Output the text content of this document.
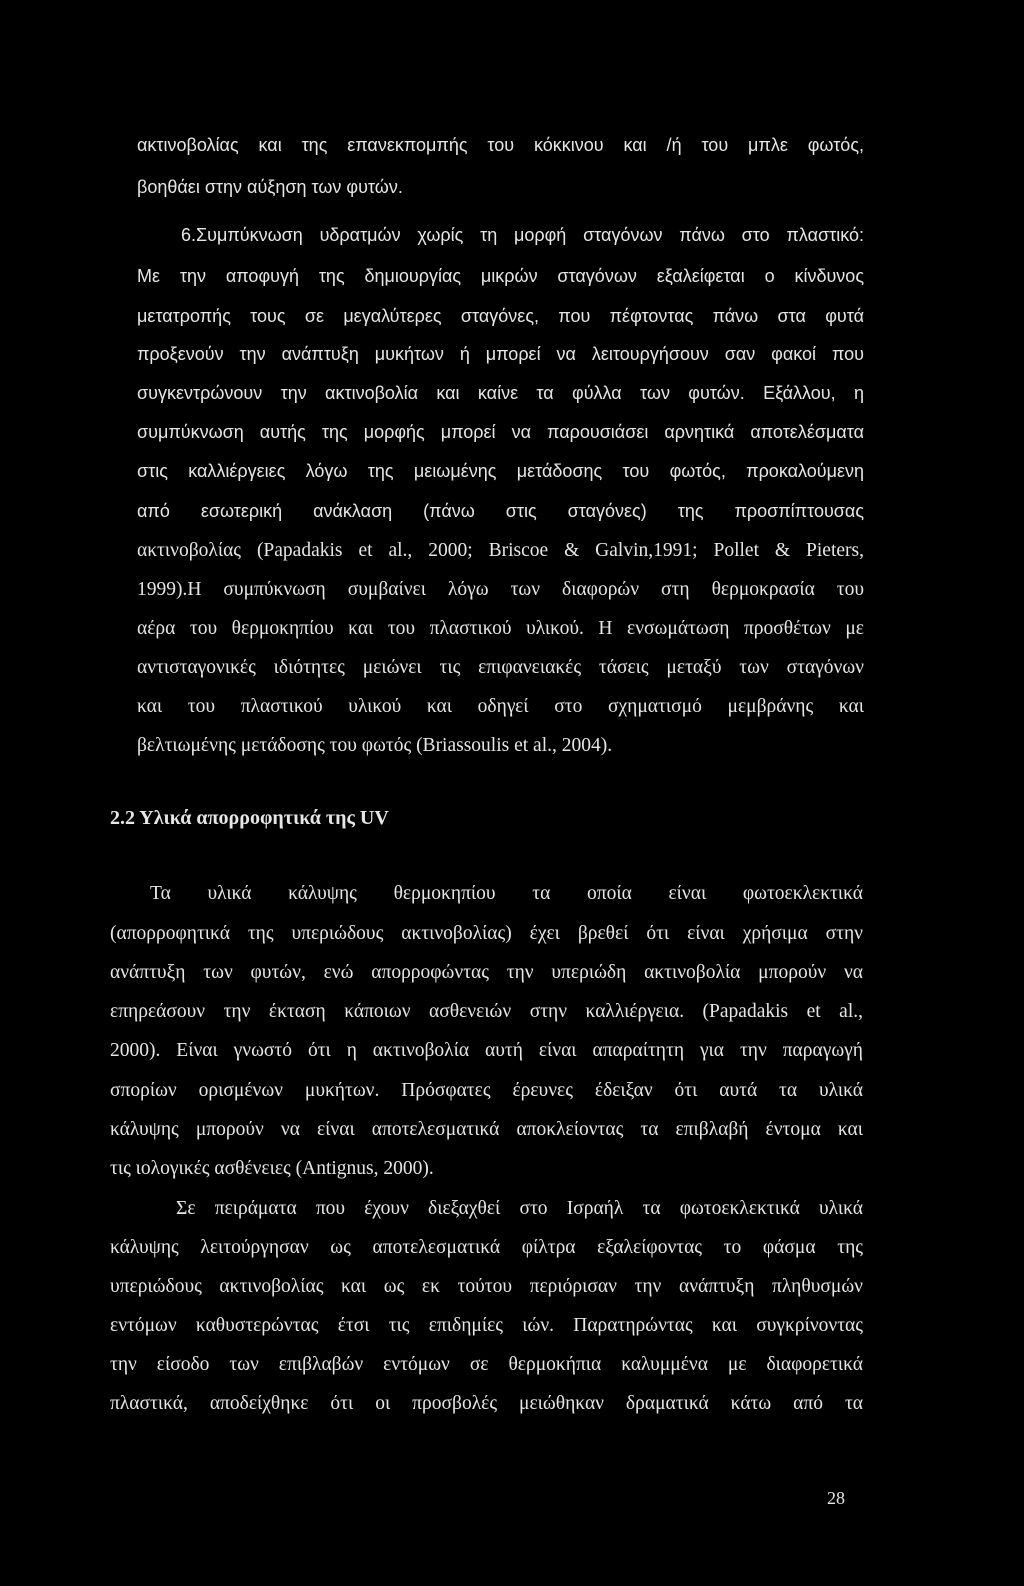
ακτινοβολίας και της επανεκπομπής του κόκκινου και /ή του μπλε φωτός,
βοηθάει στην αύξηση των φυτών.
6.Συμπύκνωση υδρατμών χωρίς τη μορφή σταγόνων πάνω στο πλαστικό:
Με την αποφυγή της δημιουργίας μικρών σταγόνων εξαλείφεται ο κίνδυνος
μετατροπής τους σε μεγαλύτερες σταγόνες, που πέφτοντας πάνω στα φυτά
προξενούν την ανάπτυξη μυκήτων ή μπορεί να λειτουργήσουν σαν φακοί που
συγκεντρώνουν την ακτινοβολία και καίνε τα φύλλα των φυτών. Εξάλλου, η
συμπύκνωση αυτής της μορφής μπορεί να παρουσιάσει αρνητικά αποτελέσματα
στις καλλιέργειες λόγω της μειωμένης μετάδοσης του φωτός, προκαλούμενη
από εσωτερική ανάκλαση (πάνω στις σταγόνες) της προσπίπτουσας
ακτινοβολίας (Papadakis et al., 2000; Briscoe & Galvin,1991; Pollet & Pieters,
1999).Η συμπύκνωση συμβαίνει λόγω των διαφορών στη θερμοκρασία του
αέρα του θερμοκηπίου και του πλαστικού υλικού. Η ενσωμάτωση προσθέτων με
αντισταγονικές ιδιότητες μειώνει τις επιφανειακές τάσεις μεταξύ των σταγόνων
και του πλαστικού υλικού και οδηγεί στο σχηματισμό μεμβράνης και
βελτιωμένης μετάδοσης του φωτός (Briassoulis et al., 2004).
2.2 Υλικά απορροφητικά της UV
Τα υλικά κάλυψης θερμοκηπίου τα οποία είναι φωτοεκλεκτικά
(απορροφητικά της υπεριώδους ακτινοβολίας) έχει βρεθεί ότι είναι χρήσιμα στην
ανάπτυξη των φυτών, ενώ απορροφώντας την υπεριώδη ακτινοβολία μπορούν να
επηρεάσουν την έκταση κάποιων ασθενειών στην καλλιέργεια. (Papadakis et al.,
2000). Είναι γνωστό ότι η ακτινοβολία αυτή είναι απαραίτητη για την παραγωγή
σπορίων ορισμένων μυκήτων. Πρόσφατες έρευνες έδειξαν ότι αυτά τα υλικά
κάλυψης μπορούν να είναι αποτελεσματικά αποκλείοντας τα επιβλαβή έντομα και
τις ιολογικές ασθένειες (Antignus, 2000).
Σε πειράματα που έχουν διεξαχθεί στο Ισραήλ τα φωτοεκλεκτικά υλικά
κάλυψης λειτούργησαν ως αποτελεσματικά φίλτρα εξαλείφοντας το φάσμα της
υπεριώδους ακτινοβολίας και ως εκ τούτου περιόρισαν την ανάπτυξη πληθυσμών
εντόμων καθυστερώντας έτσι τις επιδημίες ιών. Παρατηρώντας και συγκρίνοντας
την είσοδο των επιβλαβών εντόμων σε θερμοκήπια καλυμμένα με διαφορετικά
πλαστικά, αποδείχθηκε ότι οι προσβολές μειώθηκαν δραματικά κάτω από τα
28
